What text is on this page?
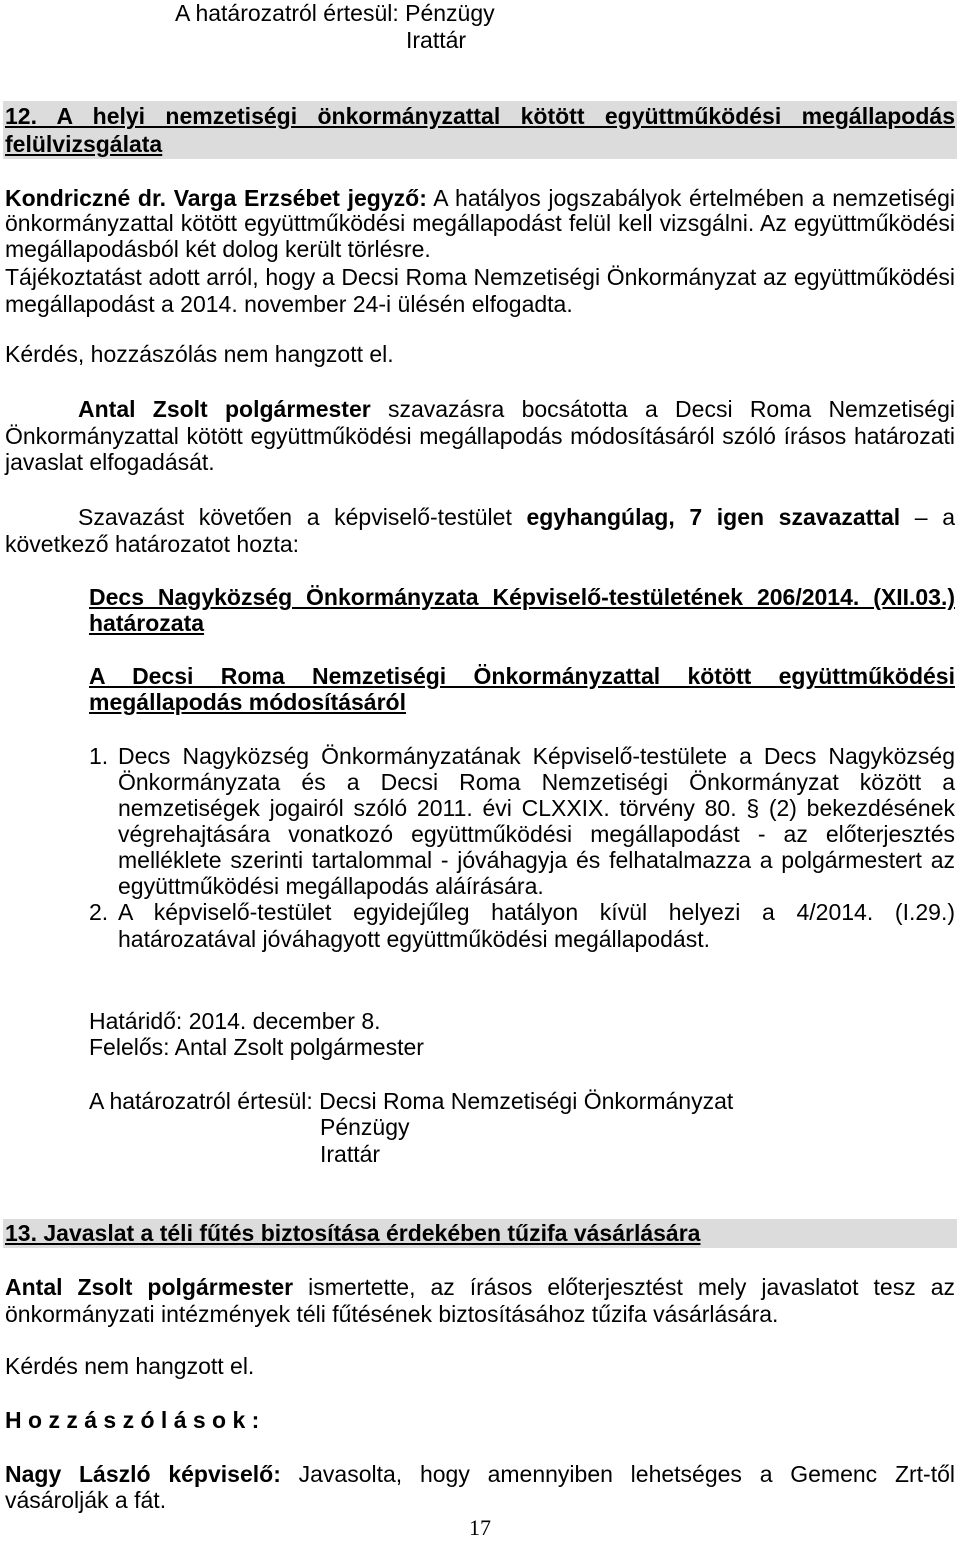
A határozatról értesül: Pénzügy
Irattár
12. A helyi nemzetiségi önkormányzattal kötött együttműködési megállapodás
felülvizsgálata
Kondriczné dr. Varga Erzsébet jegyző: A hatályos jogszabályok értelmében a nemzetiségi
önkormányzattal kötött együttműködési megállapodást felül kell vizsgálni. Az együttműködési
megállapodásból két dolog került törlésre.
Tájékoztatást adott arról, hogy a Decsi Roma Nemzetiségi Önkormányzat az együttműködési
megállapodást a 2014. november 24-i ülésén elfogadta.
Kérdés, hozzászólás nem hangzott el.
Antal Zsolt polgármester szavazásra bocsátotta a Decsi Roma Nemzetiségi
Önkormányzattal kötött együttműködési megállapodás módosításáról szóló írásos határozati
javaslat elfogadását.
Szavazást követően a képviselő-testület egyhangúlag, 7 igen szavazattal – a
következő határozatot hozta:
Decs Nagyközség Önkormányzata Képviselő-testületének 206/2014. (XII.03.)
határozata
A Decsi Roma Nemzetiségi Önkormányzattal kötött együttműködési
megállapodás módosításáról
1. Decs Nagyközség Önkormányzatának Képviselő-testülete a Decs Nagyközség
Önkormányzata és a Decsi Roma Nemzetiségi Önkormányzat között a
nemzetiségek jogairól szóló 2011. évi CLXXIX. törvény 80. § (2) bekezdésének
végrehajtására vonatkozó együttműködési megállapodást - az előterjesztés
melléklete szerinti tartalommal - jóváhagyja és felhatalmazza a polgármestert az
együttműködési megállapodás aláírására.
2. A képviselő-testület egyidejűleg hatályon kívül helyezi a 4/2014. (I.29.)
határozatával jóváhagyott együttműködési megállapodást.
Határidő: 2014. december 8.
Felelős: Antal Zsolt polgármester
A határozatról értesül: Decsi Roma Nemzetiségi Önkormányzat
Pénzügy
Irattár
13. Javaslat a téli fűtés biztosítása érdekében tűzifa vásárlására
Antal Zsolt polgármester ismertette, az írásos előterjesztést mely javaslatot tesz az
önkormányzati intézmények téli fűtésének biztosításához tűzifa vásárlására.
Kérdés nem hangzott el.
H o z z á s z ó l á s o k :
Nagy László képviselő: Javasolta, hogy amennyiben lehetséges a Gemenc Zrt-től
vásárolják a fát.
17
